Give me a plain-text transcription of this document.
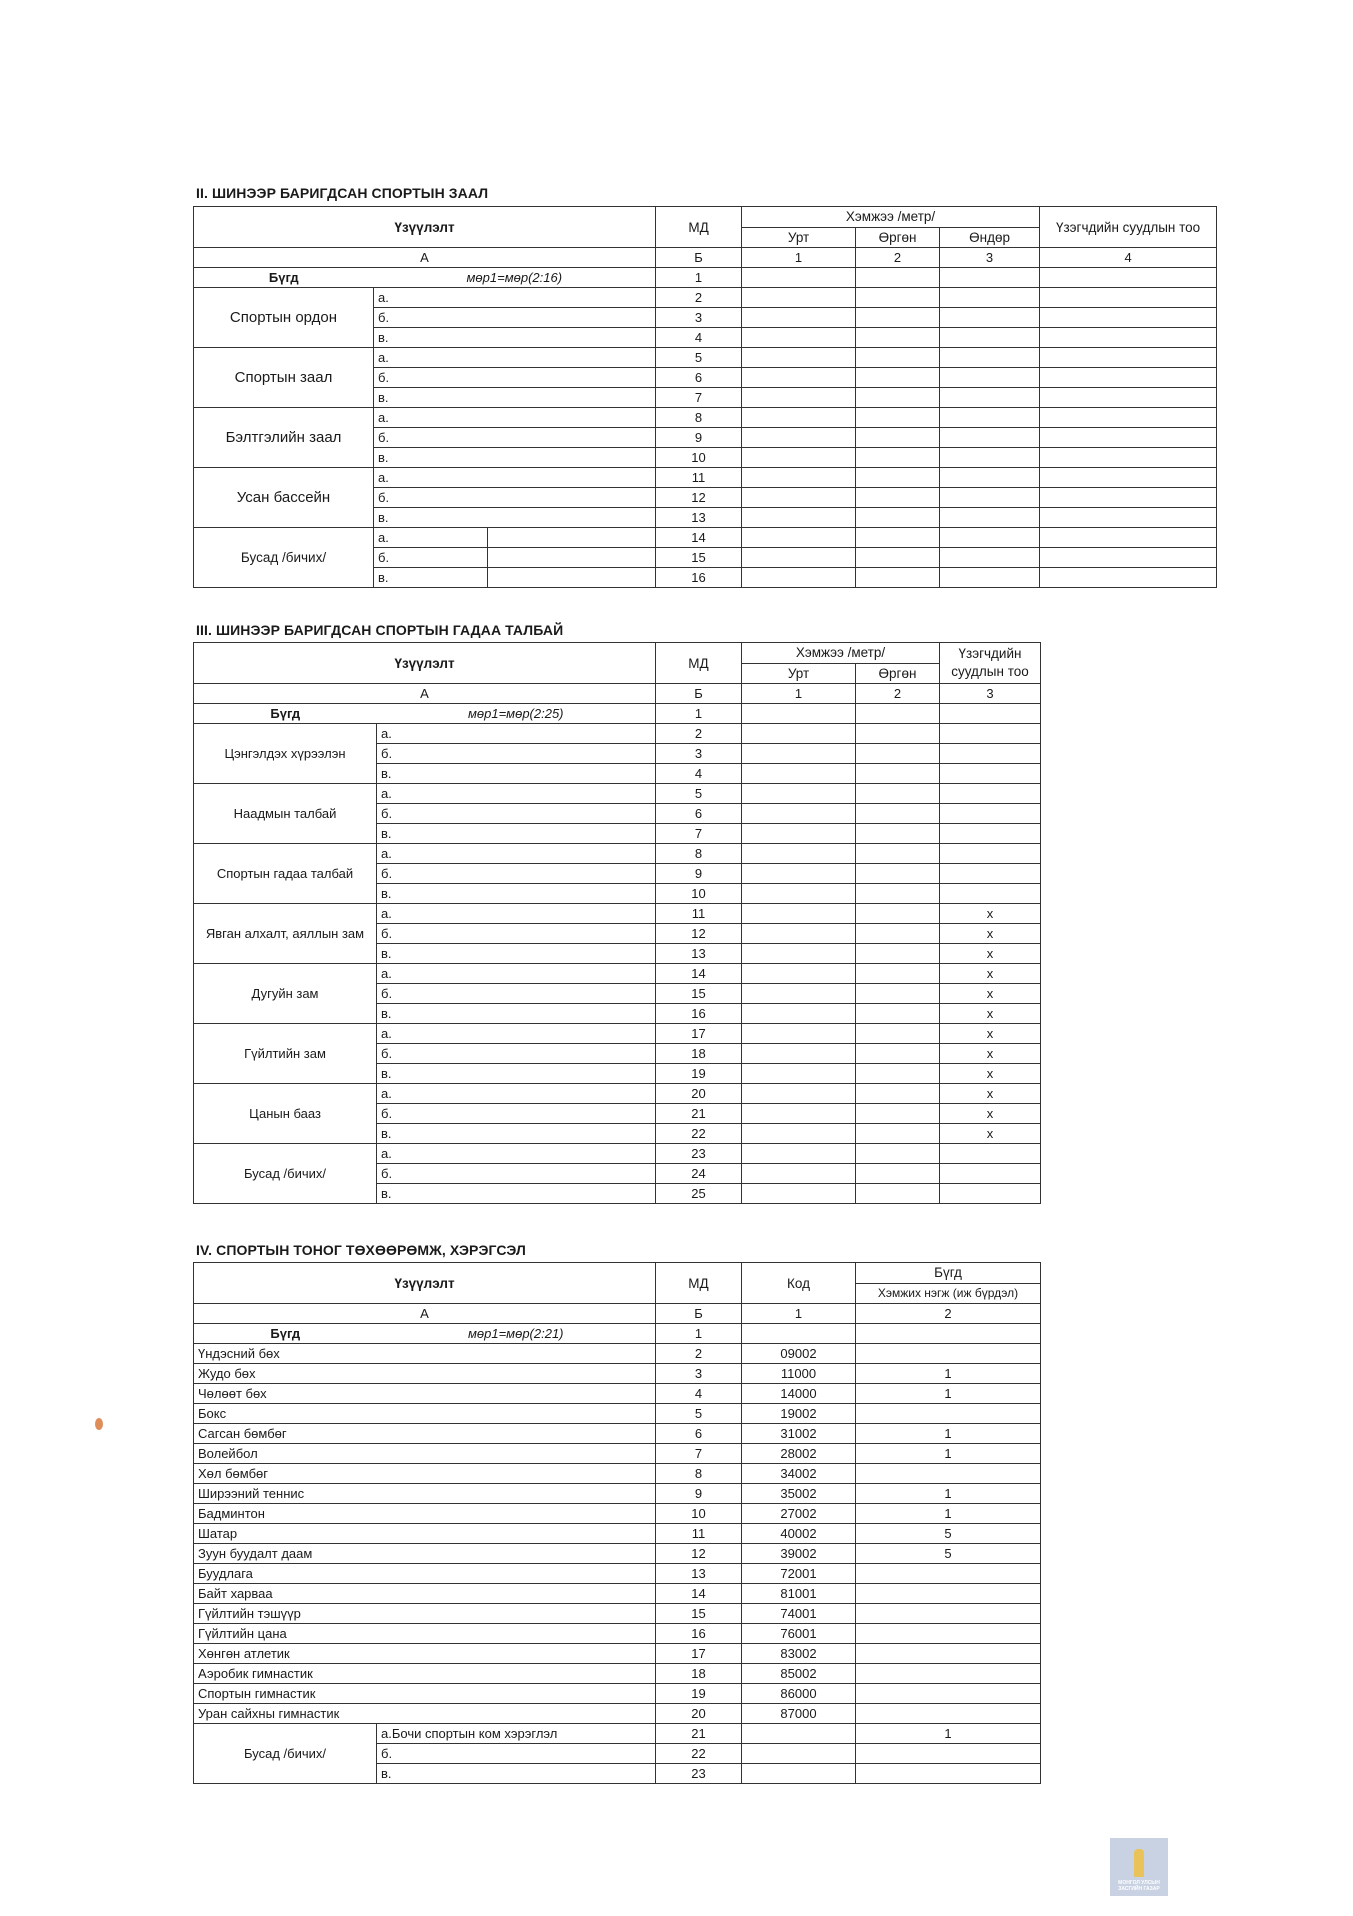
II. ШИНЭЭР БАРИГДСАН СПОРТЫН ЗААЛ
Үзүүлэлт			МД	Хэмжээ /метр/			Үзэгчдийн суудлын тоо
				Урт	Өргөн	Өндөр	
А			Б	1	2	3	4
Бүгд	мөр1=мөр(2:16)		1				
Спортын ордон	а.		2				
	б.		3				
	в.		4				
Спортын заал	а.		5				
	б.		6				
	в.		7				
Бэлтгэлийн заал	а.		8				
	б.		9				
	в.		10				
Усан бассейн	а.		11				
	б.		12				
	в.		13				
Бусад /бичих/	а.		14				
	б.		15				
	в.		16				
III. ШИНЭЭР БАРИГДСАН СПОРТЫН ГАДАА ТАЛБАЙ
Үзүүлэлт		МД	Хэмжээ /метр/		Үзэгчдийн суудлын тоо
			Урт	Өргөн	
А		Б	1	2	3
Бүгд	мөр1=мөр(2:25)	1			
Цэнгэлдэх хүрээлэн	а.	2			
	б.	3			
	в.	4			
Наадмын талбай	а.	5			
	б.	6			
	в.	7			
Спортын гадаа талбай	а.	8			
	б.	9			
	в.	10			
Явган алхалт, аяллын зам	а.	11			x
	б.	12			x
	в.	13			x
Дугуйн зам	а.	14			x
	б.	15			x
	в.	16			x
Гүйлтийн зам	а.	17			x
	б.	18			x
	в.	19			x
Цанын бааз	а.	20			x
	б.	21			x
	в.	22			x
Бусад /бичих/	а.	23			
	б.	24			
	в.	25			
IV. СПОРТЫН ТОНОГ ТӨХӨӨРӨМЖ, ХЭРЭГСЭЛ
Үзүүлэлт		МД	Код	Бүгд
				Хэмжих нэгж (иж бүрдэл)
А		Б	1	2
Бүгд	мөр1=мөр(2:21)	1		
Үндэсний бөх		2	09002	
Жудо бөх		3	11000	1
Чөлөөт бөх		4	14000	1
Бокс		5	19002	
Сагсан бөмбөг		6	31002	1
Волейбол		7	28002	1
Хөл бөмбөг		8	34002	
Ширээний теннис		9	35002	1
Бадминтон		10	27002	1
Шатар		11	40002	5
Зуун буудалт даам		12	39002	5
Буудлага		13	72001	
Байт харваа		14	81001	
Гүйлтийн тэшүүр		15	74001	
Гүйлтийн цана		16	76001	
Хөнгөн атлетик		17	83002	
Аэробик гимнастик		18	85002	
Спортын гимнастик		19	86000	
Уран сайхны гимнастик		20	87000	
Бусад /бичих/	а.Бочи спортын ком хэрэглэл	21		1
	б.	22		
	в.	23		
МОНГОЛ УЛСЫН
ЗАСГИЙН ГАЗАР
